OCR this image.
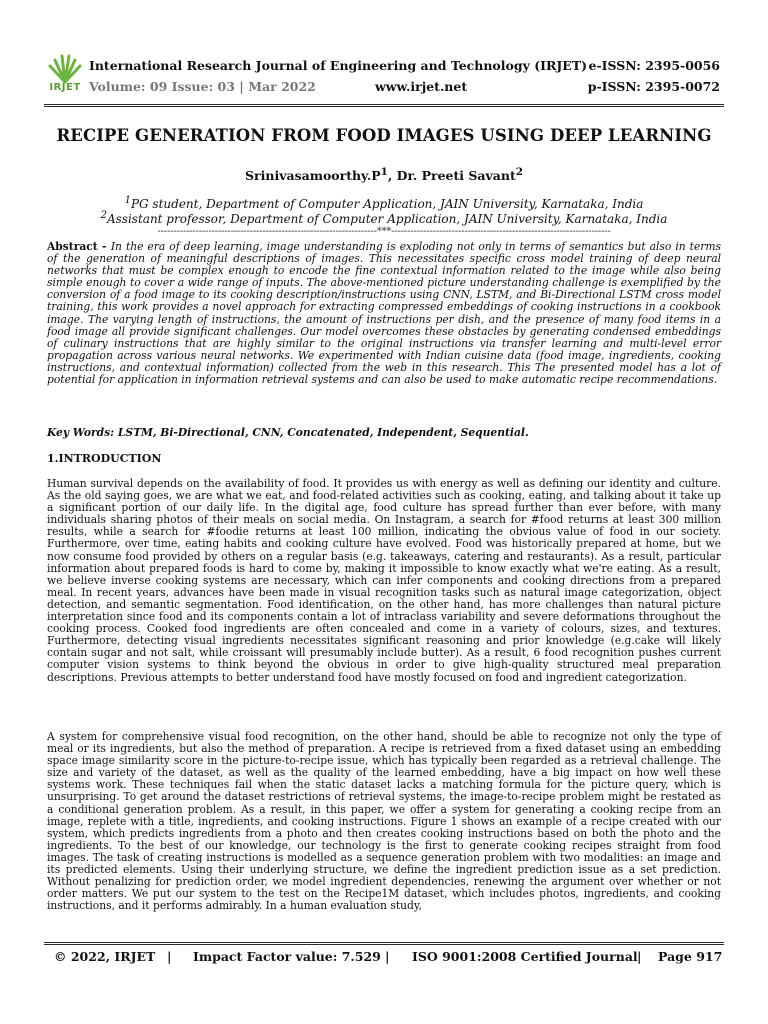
IRJET
International Research Journal of Engineering and Technology (IRJET)
Volume: 09 Issue: 03 | Mar 2022	www.irjet.net
e-ISSN: 2395-0056
p-ISSN: 2395-0072
RECIPE GENERATION FROM FOOD IMAGES USING DEEP LEARNING
$Srinivasamoorthy.P^1$, Dr. Preeti Savant$^2$
$^1$PG student, Department of Computer Application, JAIN University, Karnataka, India
$^2$Assistant professor, Department of Computer Application, JAIN University, Karnataka, India
---------------------------------------------------------------------***---------------------------------------------------------------------
Abstract - In the era of deep learning, image understanding is exploding not only in terms of semantics but also in terms of the generation of meaningful descriptions of images. This necessitates specific cross model training of deep neural networks that must be complex enough to encode the fine contextual information related to the image while also being simple enough to cover a wide range of inputs. The above-mentioned picture understanding challenge is exemplified by the conversion of a food image to its cooking description/instructions using CNN, LSTM, and Bi-Directional LSTM cross model training, this work provides a novel approach for extracting compressed embeddings of cooking instructions in a cookbook image. The varying length of instructions, the amount of instructions per dish, and the presence of many food items in a food image all provide significant challenges. Our model overcomes these obstacles by generating condensed embeddings of culinary instructions that are highly similar to the original instructions via transfer learning and multi-level error propagation across various neural networks. We experimented with Indian cuisine data (food image, ingredients, cooking instructions, and contextual information) collected from the web in this research. This The presented model has a lot of potential for application in information retrieval systems and can also be used to make automatic recipe recommendations.
Key Words: LSTM, Bi-Directional, CNN, Concatenated, Independent, Sequential.
1.INTRODUCTION
Human survival depends on the availability of food. It provides us with energy as well as defining our identity and culture. As the old saying goes, we are what we eat, and food-related activities such as cooking, eating, and talking about it take up a significant portion of our daily life. In the digital age, food culture has spread further than ever before, with many individuals sharing photos of their meals on social media. On Instagram, a search for #food returns at least 300 million results, while a search for #foodie returns at least 100 million, indicating the obvious value of food in our society. Furthermore, over time, eating habits and cooking culture have evolved. Food was historically prepared at home, but we now consume food provided by others on a regular basis (e.g. takeaways, catering and restaurants). As a result, particular information about prepared foods is hard to come by, making it impossible to know exactly what we're eating. As a result, we believe inverse cooking systems are necessary, which can infer components and cooking directions from a prepared meal. In recent years, advances have been made in visual recognition tasks such as natural image categorization, object detection, and semantic segmentation. Food identification, on the other hand, has more challenges than natural picture interpretation since food and its components contain a lot of intraclass variability and severe deformations throughout the cooking process. Cooked food ingredients are often concealed and come in a variety of colours, sizes, and textures. Furthermore, detecting visual ingredients necessitates significant reasoning and prior knowledge (e.g.cake will likely contain sugar and not salt, while croissant will presumably include butter). As a result, 6 food recognition pushes current computer vision systems to think beyond the obvious in order to give high-quality structured meal preparation descriptions. Previous attempts to better understand food have mostly focused on food and ingredient categorization.
A system for comprehensive visual food recognition, on the other hand, should be able to recognize not only the type of meal or its ingredients, but also the method of preparation. A recipe is retrieved from a fixed dataset using an embedding space image similarity score in the picture-to-recipe issue, which has typically been regarded as a retrieval challenge. The size and variety of the dataset, as well as the quality of the learned embedding, have a big impact on how well these systems work. These techniques fail when the static dataset lacks a matching formula for the picture query, which is unsurprising. To get around the dataset restrictions of retrieval systems, the image-to-recipe problem might be restated as a conditional generation problem. As a result, in this paper, we offer a system for generating a cooking recipe from an image, replete with a title, ingredients, and cooking instructions. Figure 1 shows an example of a recipe created with our system, which predicts ingredients from a photo and then creates cooking instructions based on both the photo and the ingredients. To the best of our knowledge, our technology is the first to generate cooking recipes straight from food images. The task of creating instructions is modelled as a sequence generation problem with two modalities: an image and its predicted elements. Using their underlying structure, we define the ingredient prediction issue as a set prediction. Without penalizing for prediction order, we model ingredient dependencies, renewing the argument over whether or not order matters. We put our system to the test on the Recipe1M dataset, which includes photos, ingredients, and cooking instructions, and it performs admirably. In a human evaluation study,
© 2022, IRJET | Impact Factor value: 7.529 | ISO 9001:2008 Certified Journal | Page 917
